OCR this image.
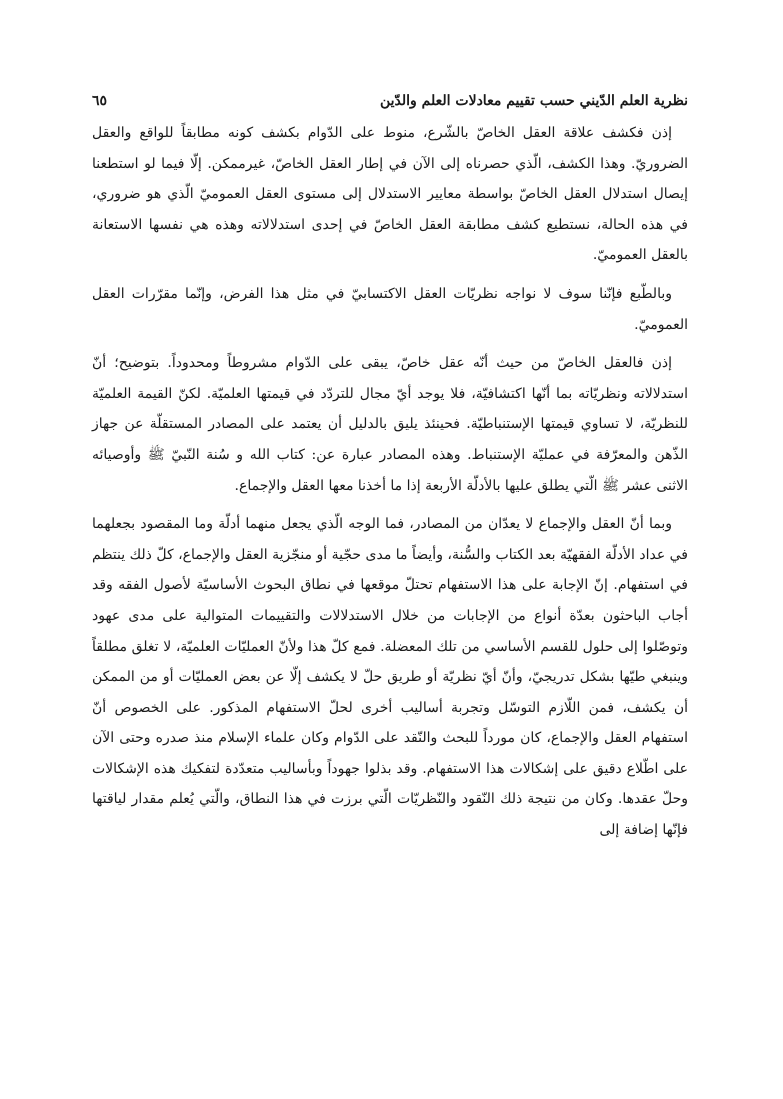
نظرية العلم الدّيني حسب تقييم معادلات العلم والدّين
٦٥

إذن فكشف علاقة العقل الخاصّ بالشّرع، منوط على الدّوام بكشف كونه مطابقاً للواقع والعقل الضروريّ. وهذا الكشف، الّذي حصرناه إلى الآن في إطار العقل الخاصّ، غيرممكن. إلّا فيما لو استطعنا إيصال استدلال العقل الخاصّ بواسطة معايير الاستدلال إلى مستوى العقل العموميّ الّذي هو ضروري، في هذه الحالة، نستطيع كشف مطابقة العقل الخاصّ في إحدى استدلالاته وهذه هي نفسها الاستعانة بالعقل العموميّ.

وبالطّبع فإنّنا سوف لا نواجه نظريّات العقل الاكتسابيّ في مثل هذا الفرض، وإنّما مقرّرات العقل العموميّ.

إذن فالعقل الخاصّ من حيث أنّه عقل خاصّ، يبقى على الدّوام مشروطاً ومحدوداً. بتوضيح؛ أنّ استدلالاته ونظريّاته بما أنّها اكتشافيّة، فلا يوجد أيّ مجال للتردّد في قيمتها العلميّة. لكنّ القيمة العلميّة للنظريّة، لا تساوي قيمتها الإستنباطيّة. فحينئذ يليق بالدليل أن يعتمد على المصادر المستقلّة عن جهاز الذّهن والمعرّفة في عمليّة الإستنباط. وهذه المصادر عبارة عن: كتاب الله و سُنة النّبيّ ﷺ وأوصيائه الاثنى عشر ﷺ الّتي يطلق عليها بالأدلّة الأربعة إذا ما أخذنا معها العقل والإجماع.

وبما أنّ العقل والإجماع لا يعدّان من المصادر، فما الوجه الّذي يجعل منهما أدلّة وما المقصود بجعلهما في عداد الأدلّة الفقهيّة بعد الكتاب والسُّنة، وأيضاً ما مدى حجّية أو منجّزية العقل والإجماع، كلّ ذلك ينتظم في استفهام. إنّ الإجابة على هذا الاستفهام تحتلّ موقعها في نطاق البحوث الأساسيّة لأصول الفقه وقد أجاب الباحثون بعدّة أنواع من الإجابات من خلال الاستدلالات والتقييمات المتوالية على مدى عهود وتوصّلوا إلى حلول للقسم الأساسي من تلك المعضلة. فمع كلّ هذا ولأنّ العمليّات العلميّة، لا تغلق مطلقاً وينبغي طيّها بشكل تدريجيّ، وأنّ أيّ نظريّة أو طريق حلّ لا يكشف إلّا عن بعض العمليّات أو من الممكن أن يكشف، فمن اللّازم التوسّل وتجربة أساليب أخرى لحلّ الاستفهام المذكور. على الخصوص أنّ استفهام العقل والإجماع، كان مورداً للبحث والنّقد على الدّوام وكان علماء الإسلام منذ صدره وحتى الآن على اطّلاع دقيق على إشكالات هذا الاستفهام. وقد بذلوا جهوداً وبأساليب متعدّدة لتفكيك هذه الإشكالات وحلّ عقدها. وكان من نتيجة ذلك النّقود والنّظريّات الّتي برزت في هذا النطاق، والّتي يُعلم مقدار لياقتها فإنّها إضافة إلى
